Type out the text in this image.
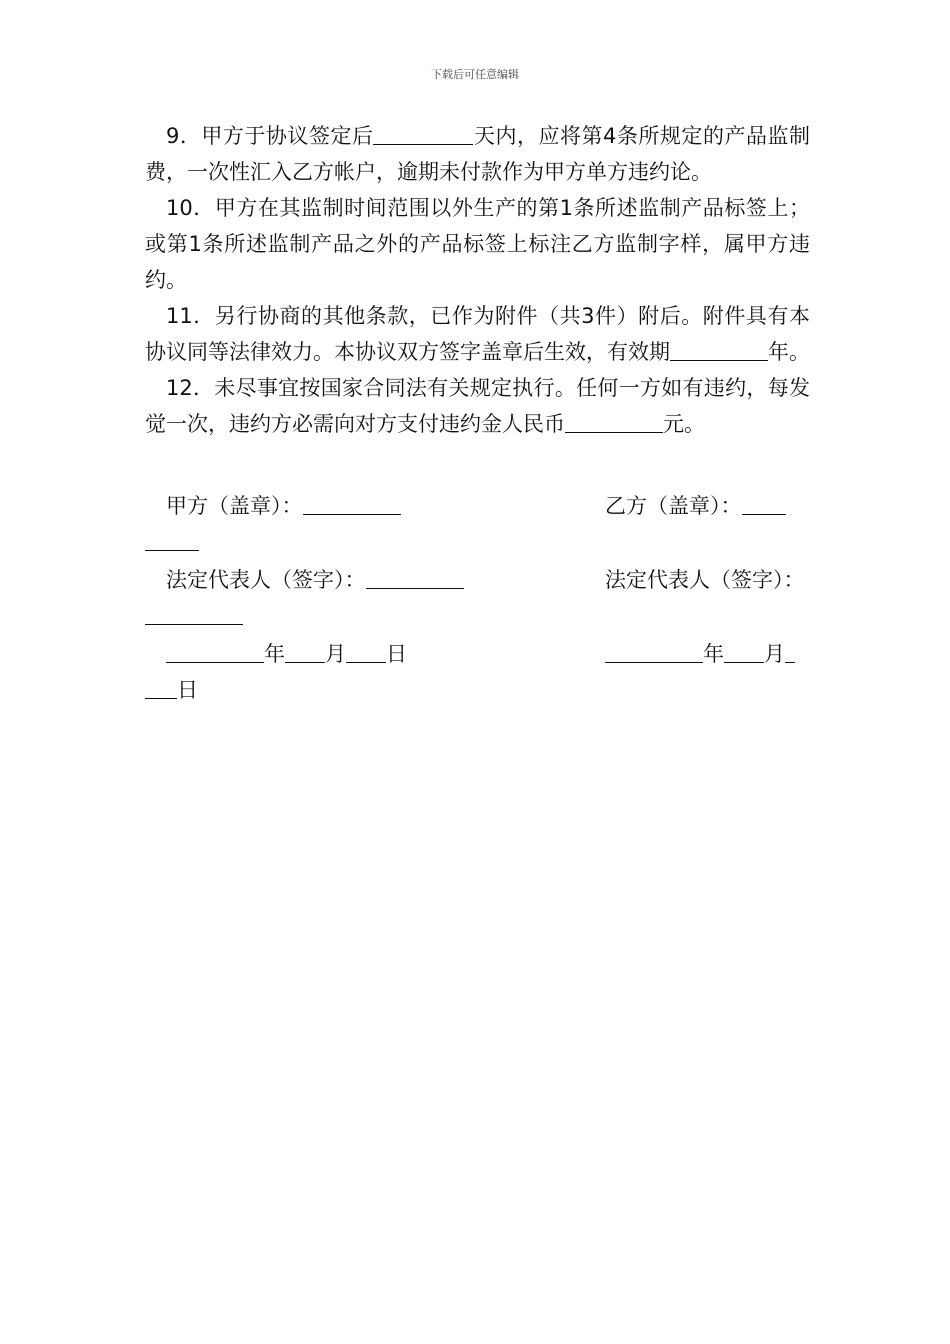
下载后可任意编辑

9．甲方于协议签定后	天内，应将第4条所规定的产品监制费，一次性汇入乙方帐户，逾期未付款作为甲方单方违约论。

10．甲方在其监制时间范围以外生产的第1条所述监制产品标签上；或第1条所述监制产品之外的产品标签上标注乙方监制字样，属甲方违约。

11．另行协商的其他条款，已作为附件（共3件）附后。附件具有本协议同等法律效力。本协议双方签字盖章后生效，有效期	年。

12．未尽事宜按国家合同法有关规定执行。任何一方如有违约，每发觉一次，违约方必需向对方支付违约金人民币	元。

甲方（盖章）：	乙方（盖章）：
法定代表人（签字）：	法定代表人（签字）：
年 月 日	年 月
日
